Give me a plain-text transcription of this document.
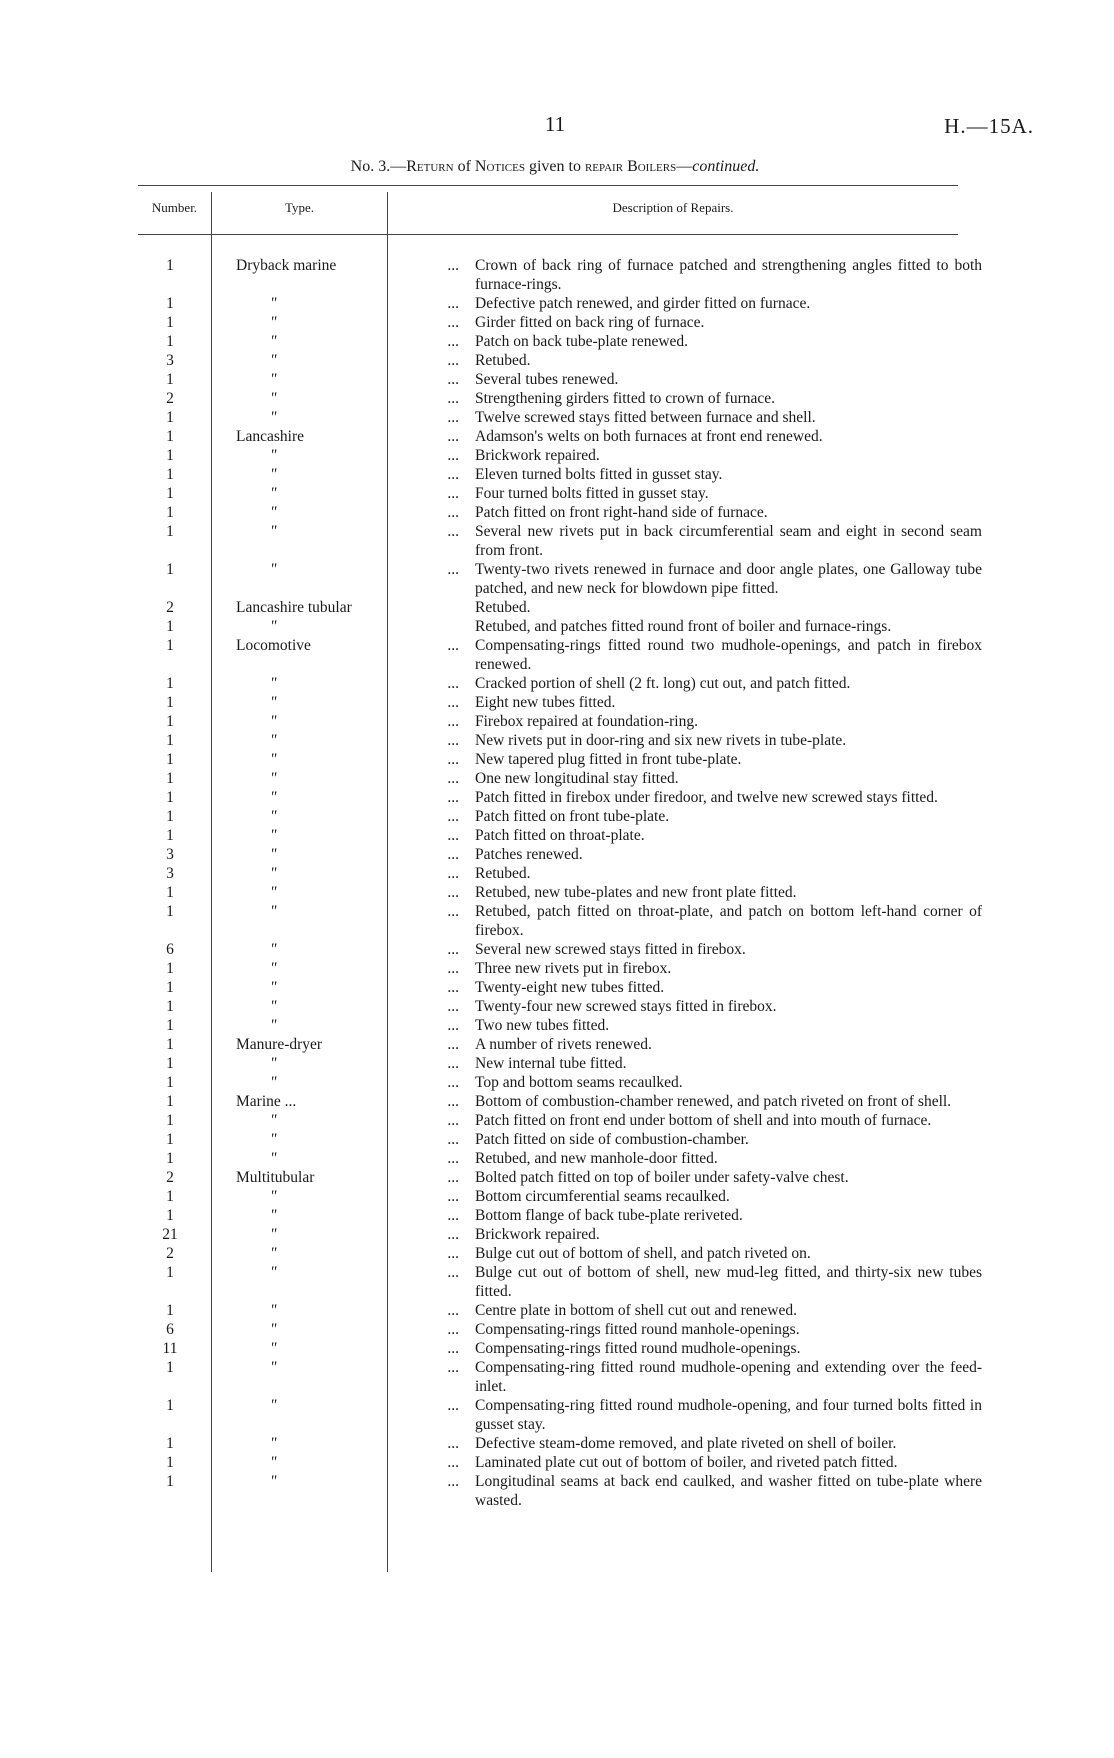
11	H.—15A.
No. 3.—Return of Notices given to repair Boilers—continued.
Number.	Type.	Description of Repairs.
1	Dryback marine	...	Crown of back ring of furnace patched and strengthening angles fitted to both furnace-rings.
1	"	...	Defective patch renewed, and girder fitted on furnace.
1	"	...	Girder fitted on back ring of furnace.
1	"	...	Patch on back tube-plate renewed.
3	"	...	Retubed.
1	"	...	Several tubes renewed.
2	"	...	Strengthening girders fitted to crown of furnace.
1	"	...	Twelve screwed stays fitted between furnace and shell.
1	Lancashire	...	Adamson's welts on both furnaces at front end renewed.
1	"	...	Brickwork repaired.
1	"	...	Eleven turned bolts fitted in gusset stay.
1	"	...	Four turned bolts fitted in gusset stay.
1	"	...	Patch fitted on front right-hand side of furnace.
1	"	...	Several new rivets put in back circumferential seam and eight in second seam from front.
1	"	...	Twenty-two rivets renewed in furnace and door angle plates, one Galloway tube patched, and new neck for blowdown pipe fitted.
2	Lancashire tubular	Retubed.
1	"	Retubed, and patches fitted round front of boiler and furnace-rings.
1	Locomotive	...	Compensating-rings fitted round two mudhole-openings, and patch in firebox renewed.
1	"	...	Cracked portion of shell (2 ft. long) cut out, and patch fitted.
1	"	...	Eight new tubes fitted.
1	"	...	Firebox repaired at foundation-ring.
1	"	...	New rivets put in door-ring and six new rivets in tube-plate.
1	"	...	New tapered plug fitted in front tube-plate.
1	"	...	One new longitudinal stay fitted.
1	"	...	Patch fitted in firebox under firedoor, and twelve new screwed stays fitted.
1	"	...	Patch fitted on front tube-plate.
1	"	...	Patch fitted on throat-plate.
3	"	...	Patches renewed.
3	"	...	Retubed.
1	"	...	Retubed, new tube-plates and new front plate fitted.
1	"	...	Retubed, patch fitted on throat-plate, and patch on bottom left-hand corner of firebox.
6	"	...	Several new screwed stays fitted in firebox.
1	"	...	Three new rivets put in firebox.
1	"	...	Twenty-eight new tubes fitted.
1	"	...	Twenty-four new screwed stays fitted in firebox.
1	"	...	Two new tubes fitted.
1	Manure-dryer	...	A number of rivets renewed.
1	"	...	New internal tube fitted.
1	"	...	Top and bottom seams recaulked.
1	Marine ...	...	Bottom of combustion-chamber renewed, and patch riveted on front of shell.
1	"	...	Patch fitted on front end under bottom of shell and into mouth of furnace.
1	"	...	Patch fitted on side of combustion-chamber.
1	"	...	Retubed, and new manhole-door fitted.
2	Multitubular	...	Bolted patch fitted on top of boiler under safety-valve chest.
1	"	...	Bottom circumferential seams recaulked.
1	"	...	Bottom flange of back tube-plate reriveted.
21	"	...	Brickwork repaired.
2	"	...	Bulge cut out of bottom of shell, and patch riveted on.
1	"	...	Bulge cut out of bottom of shell, new mud-leg fitted, and thirty-six new tubes fitted.
1	"	...	Centre plate in bottom of shell cut out and renewed.
6	"	...	Compensating-rings fitted round manhole-openings.
11	"	...	Compensating-rings fitted round mudhole-openings.
1	"	...	Compensating-ring fitted round mudhole-opening and extending over the feed-inlet.
1	"	...	Compensating-ring fitted round mudhole-opening, and four turned bolts fitted in gusset stay.
1	"	...	Defective steam-dome removed, and plate riveted on shell of boiler.
1	"	...	Laminated plate cut out of bottom of boiler, and riveted patch fitted.
1	"	...	Longitudinal seams at back end caulked, and washer fitted on tube-plate where wasted.
